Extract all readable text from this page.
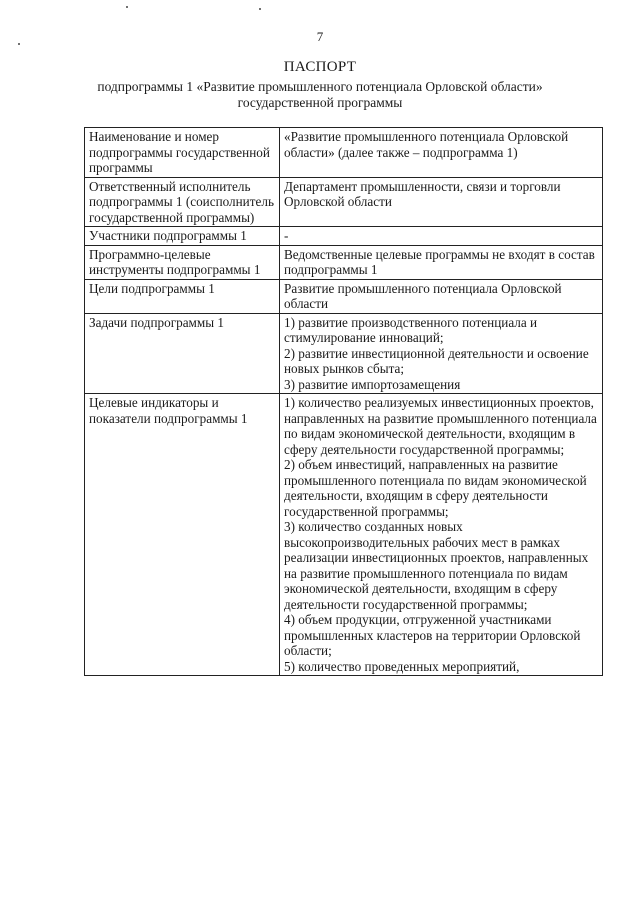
7
ПАСПОРТ
подпрограммы 1 «Развитие промышленного потенциала Орловской области»
государственной программы
Наименование и номер подпрограммы государственной программы	«Развитие промышленного потенциала Орловской области» (далее также – подпрограмма 1)

Ответственный исполнитель подпрограммы 1 (соисполнитель государственной программы)	Департамент промышленности, связи и торговли Орловской области

Участники подпрограммы 1	-

Программно-целевые инструменты подпрограммы 1	Ведомственные целевые программы не входят в состав подпрограммы 1

Цели подпрограммы 1	Развитие промышленного потенциала Орловской области

Задачи подпрограммы 1	1) развитие производственного потенциала и стимулирование инноваций;
2) развитие инвестиционной деятельности и освоение новых рынков сбыта;
3) развитие импортозамещения

Целевые индикаторы и показатели подпрограммы 1	1) количество реализуемых инвестиционных проектов, направленных на развитие промышленного потенциала по видам экономической деятельности, входящим в сферу деятельности государственной программы;
2) объем инвестиций, направленных на развитие промышленного потенциала по видам экономической деятельности, входящим в сферу деятельности государственной программы;
3) количество созданных новых высокопроизводительных рабочих мест в рамках реализации инвестиционных проектов, направленных на развитие промышленного потенциала по видам экономической деятельности, входящим в сферу деятельности государственной программы;
4) объем продукции, отгруженной участниками промышленных кластеров на территории Орловской области;
5) количество проведенных мероприятий,
